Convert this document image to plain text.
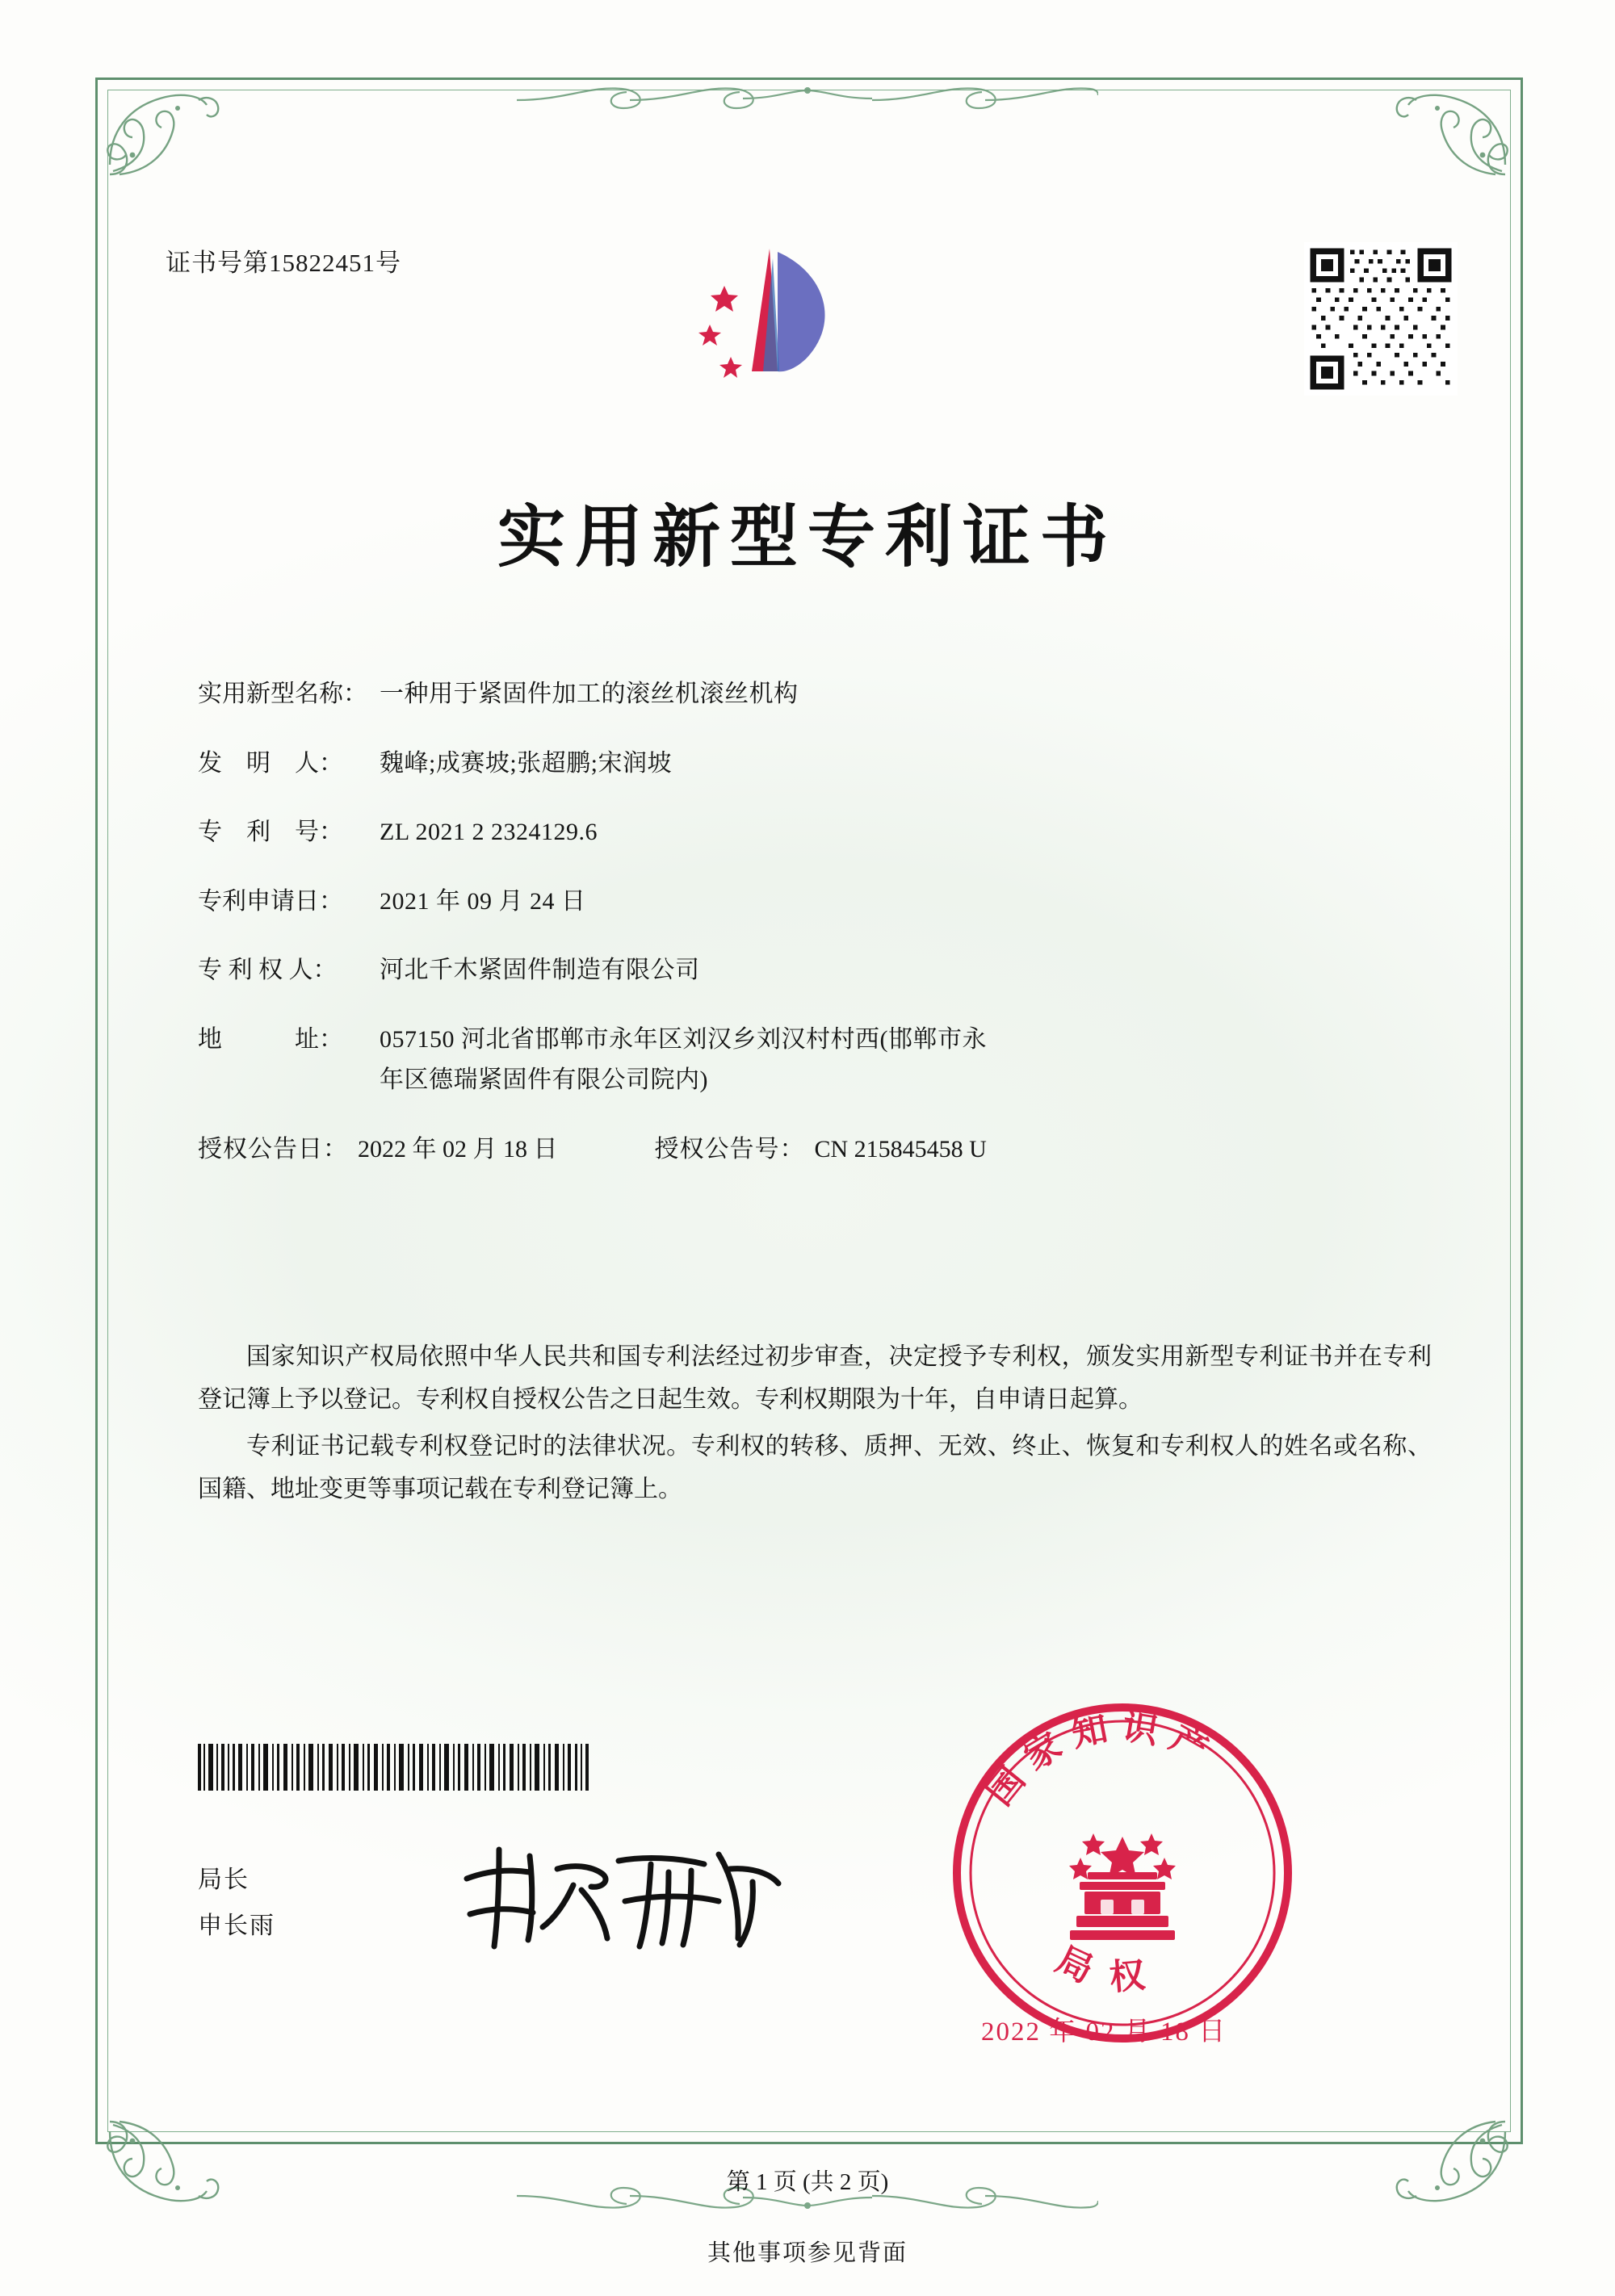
证书号第15822451号
实用新型专利证书
实用新型名称： 一种用于紧固件加工的滚丝机滚丝机构
发　明　人：	魏峰;成赛坡;张超鹏;宋润坡
专　利　号：	ZL 2021 2 2324129.6
专利申请日：	2021 年 09 月 24 日
专 利 权 人：	河北千木紧固件制造有限公司
地　　　址：	057150 河北省邯郸市永年区刘汉乡刘汉村村西(邯郸市永
年区德瑞紧固件有限公司院内)
授权公告日： 2022 年 02 月 18 日	授权公告号： CN 215845458 U

国家知识产权局依照中华人民共和国专利法经过初步审查，决定授予专利权，颁发实用新型专利证书并在专利登记簿上予以登记。专利权自授权公告之日起生效。专利权期限为十年，自申请日起算。

专利证书记载专利权登记时的法律状况。专利权的转移、质押、无效、终止、恢复和专利权人的姓名或名称、国籍、地址变更等事项记载在专利登记簿上。

局长
申长雨
国家知识产
局 权
2022 年 02 月 18 日
第 1 页 (共 2 页)
其他事项参见背面
